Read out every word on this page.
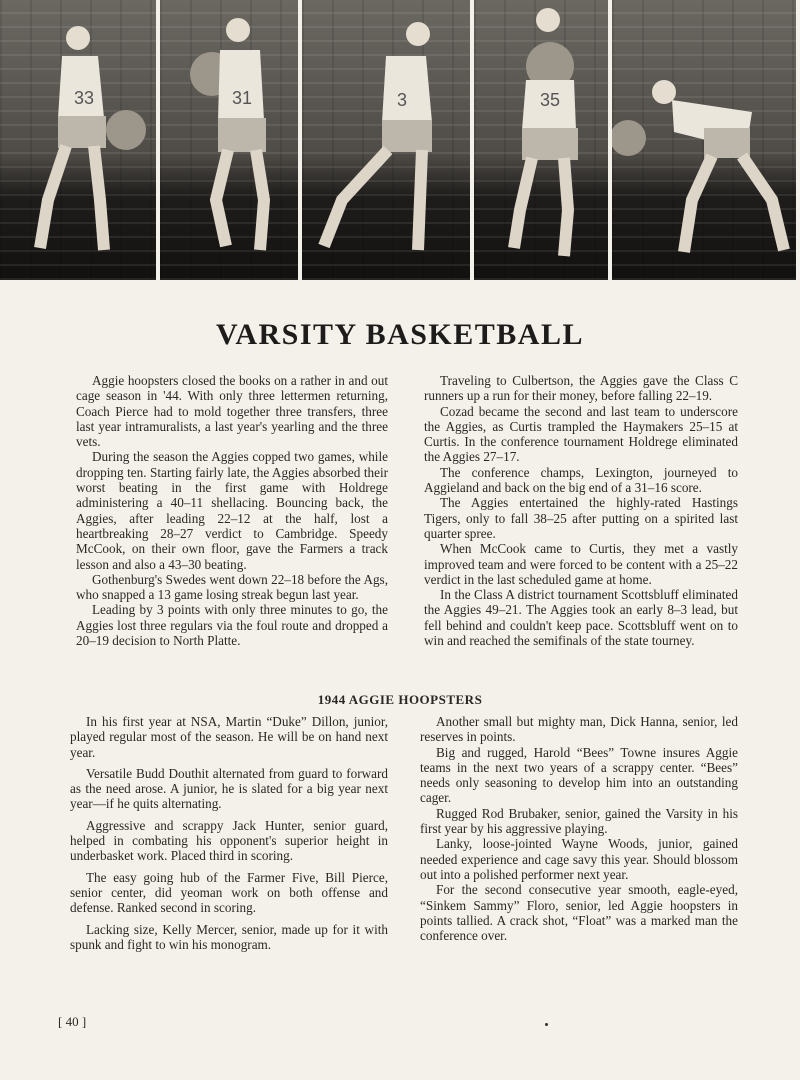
33	31	3	35
VARSITY BASKETBALL

Aggie hoopsters closed the books on a rather in and out cage season in '44. With only three lettermen returning, Coach Pierce had to mold together three transfers, three last year intramuralists, a last year's yearling and the three vets.

During the season the Aggies copped two games, while dropping ten. Starting fairly late, the Aggies absorbed their worst beating in the first game with Holdrege administering a 40–11 shellacing. Bouncing back, the Aggies, after leading 22–12 at the half, lost a heartbreaking 28–27 verdict to Cambridge. Speedy McCook, on their own floor, gave the Farmers a track lesson and also a 43–30 beating.

Gothenburg's Swedes went down 22–18 before the Ags, who snapped a 13 game losing streak begun last year.

Leading by 3 points with only three minutes to go, the Aggies lost three regulars via the foul route and dropped a 20–19 decision to North Platte.

Traveling to Culbertson, the Aggies gave the Class C runners up a run for their money, before falling 22–19.

Cozad became the second and last team to underscore the Aggies, as Curtis trampled the Haymakers 25–15 at Curtis. In the conference tournament Holdrege eliminated the Aggies 27–17.

The conference champs, Lexington, journeyed to Aggieland and back on the big end of a 31–16 score.

The Aggies entertained the highly-rated Hastings Tigers, only to fall 38–25 after putting on a spirited last quarter spree.

When McCook came to Curtis, they met a vastly improved team and were forced to be content with a 25–22 verdict in the last scheduled game at home.

In the Class A district tournament Scottsbluff eliminated the Aggies 49–21. The Aggies took an early 8–3 lead, but fell behind and couldn't keep pace. Scottsbluff went on to win and reached the semifinals of the state tourney.

1944 AGGIE HOOPSTERS

In his first year at NSA, Martin “Duke” Dillon, junior, played regular most of the season. He will be on hand next year.

Versatile Budd Douthit alternated from guard to forward as the need arose. A junior, he is slated for a big year next year—if he quits alternating.

Aggressive and scrappy Jack Hunter, senior guard, helped in combating his opponent's superior height in underbasket work. Placed third in scoring.

The easy going hub of the Farmer Five, Bill Pierce, senior center, did yeoman work on both offense and defense. Ranked second in scoring.

Lacking size, Kelly Mercer, senior, made up for it with spunk and fight to win his monogram.

Another small but mighty man, Dick Hanna, senior, led reserves in points.

Big and rugged, Harold “Bees” Towne insures Aggie teams in the next two years of a scrappy center. “Bees” needs only seasoning to develop him into an outstanding cager.

Rugged Rod Brubaker, senior, gained the Varsity in his first year by his aggressive playing.

Lanky, loose-jointed Wayne Woods, junior, gained needed experience and cage savy this year. Should blossom out into a polished performer next year.

For the second consecutive year smooth, eagle-eyed, “Sinkem Sammy” Floro, senior, led Aggie hoopsters in points tallied. A crack shot, “Float” was a marked man the conference over.

[ 40 ]
